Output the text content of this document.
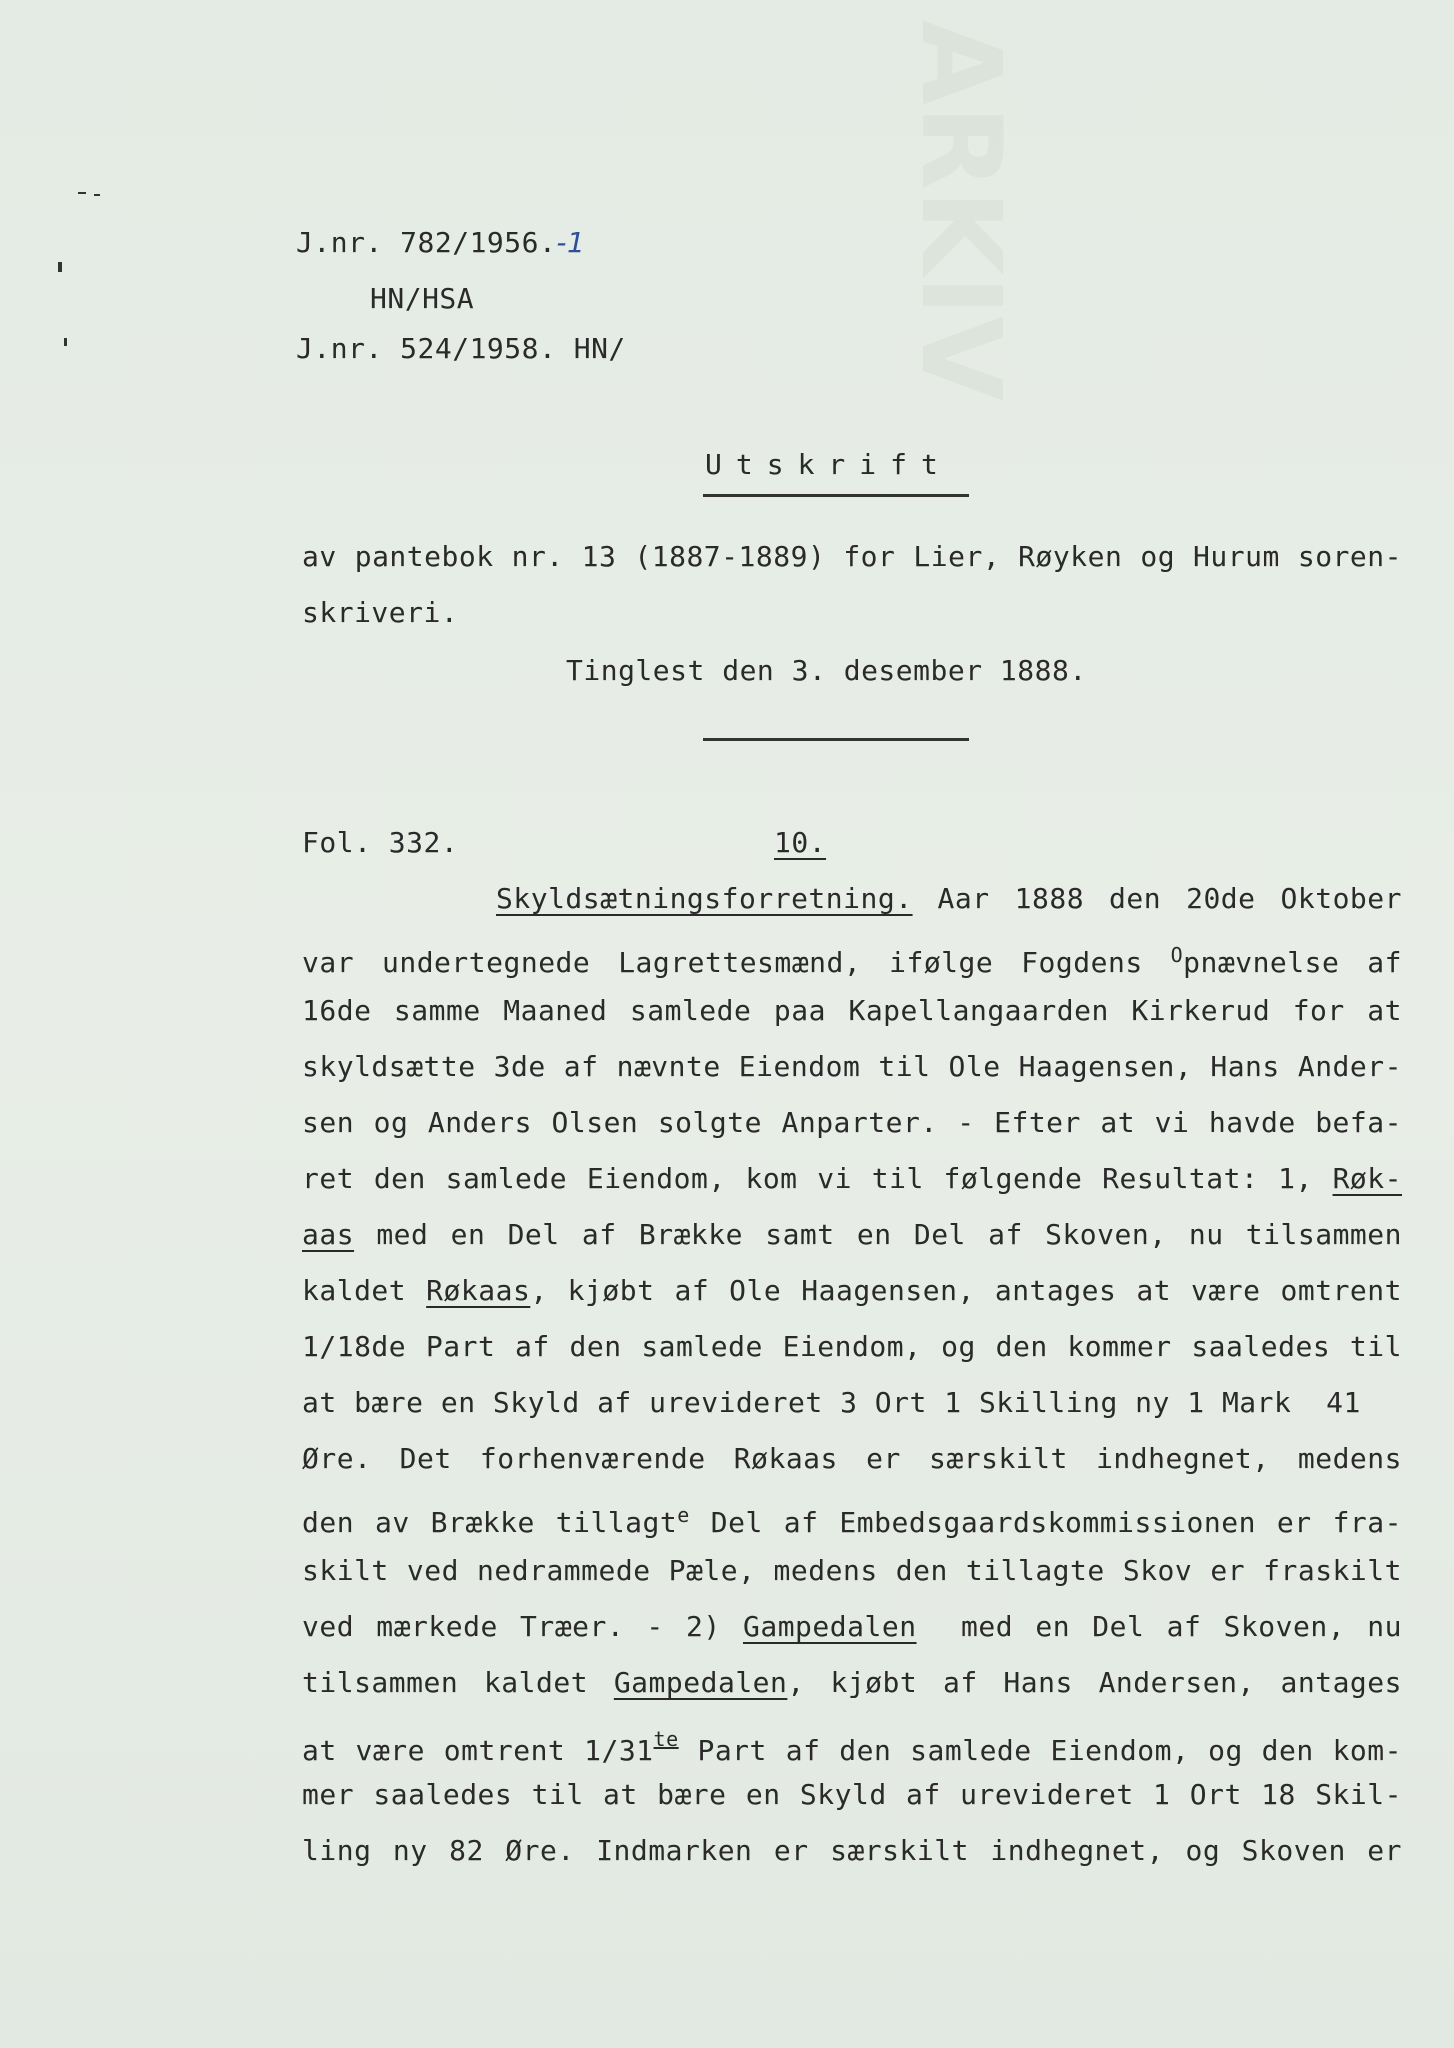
ARKIV
J.nr. 782/1956.-1
HN/HSA
J.nr. 524/1958. HN/
Utskrift
av pantebok nr. 13 (1887-1889) for Lier, Røyken og Hurum soren-
skriveri.
Tinglest den 3. desember 1888.
Fol. 332.	10.
Skyldsætningsforretning. Aar 1888 den 20de Oktober
var undertegnede Lagrettesmænd, ifølge Fogdens $^O$pnævnelse af
16de samme Maaned samlede paa Kapellangaarden Kirkerud for at
skyldsætte 3de af nævnte Eiendom til Ole Haagensen, Hans Ander-
sen og Anders Olsen solgte Anparter. - Efter at vi havde befa-
ret den samlede Eiendom, kom vi til følgende Resultat: 1, Røk-
aas med en Del af Brække samt en Del af Skoven, nu tilsammen
kaldet Røkaas, kjøbt af Ole Haagensen, antages at være omtrent
1/18de Part af den samlede Eiendom, og den kommer saaledes til
at bære en Skyld af urevideret 3 Ort 1 Skilling ny 1 Mark  41
Øre. Det forhenværende Røkaas er særskilt indhegnet, medens
den av Brække tillagt$^e$ Del af Embedsgaardskommissionen er fra-
skilt ved nedrammede Pæle, medens den tillagte Skov er fraskilt
ved mærkede Træer. - 2) Gampedalen  med en Del af Skoven, nu
tilsammen kaldet Gampedalen, kjøbt af Hans Andersen, antages
at være omtrent $1/31^{te}$ Part af den samlede Eiendom, og den kom-
mer saaledes til at bære en Skyld af urevideret 1 Ort 18 Skil-
ling ny 82 Øre. Indmarken er særskilt indhegnet, og Skoven er
